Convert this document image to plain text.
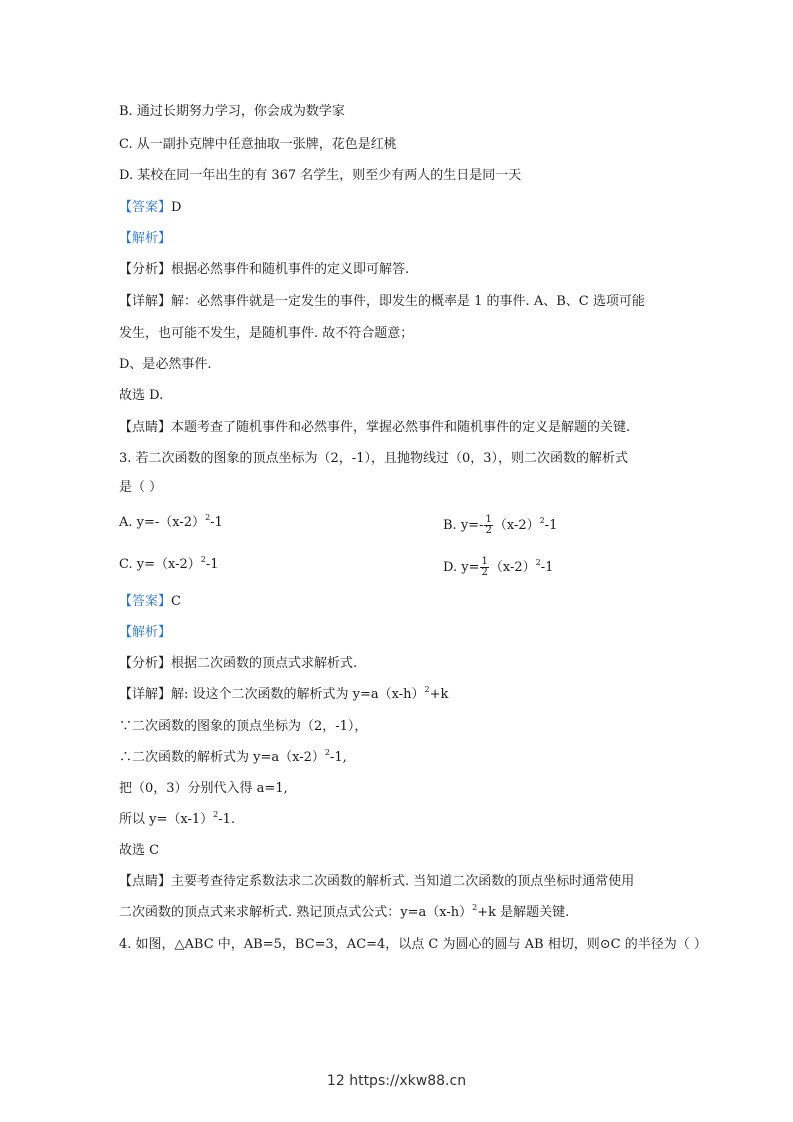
B. 通过长期努力学习，你会成为数学家
C. 从一副扑克牌中任意抽取一张牌，花色是红桃
D. 某校在同一年出生的有 367 名学生，则至少有两人的生日是同一天
【答案】D
【解析】
【分析】根据必然事件和随机事件的定义即可解答.
【详解】解：必然事件就是一定发生的事件，即发生的概率是 1 的事件. A、B、C 选项可能
发生，也可能不发生，是随机事件. 故不符合题意；
D、是必然事件.
故选 D.
【点睛】本题考查了随机事件和必然事件，掌握必然事件和随机事件的定义是解题的关键.
3. 若二次函数的图象的顶点坐标为（2，-1），且抛物线过（0，3），则二次函数的解析式
是（ ）
A. $y=-(x-2)^2-1$	B. $y=- \frac{1}{2} (x-2)^2-1$
C. $y=(x-2)^2-1$	D. $y= \frac{1}{2} (x-2)^2-1$
【答案】C
【解析】
【分析】根据二次函数的顶点式求解析式.
【详解】解: 设这个二次函数的解析式为 $y=a(x-h)^2+k$
∵二次函数的图象的顶点坐标为（2，-1），
∴二次函数的解析式为 $y=a(x-2)^2-1$,
把（0，3）分别代入得 a=1,
所以 $y=(x-1)^2-1$.
故选 C
【点睛】主要考查待定系数法求二次函数的解析式. 当知道二次函数的顶点坐标时通常使用
二次函数的顶点式来求解析式. 熟记顶点式公式：$y=a(x-h)^2+k$ 是解题关键.
4. 如图，△ABC 中，AB=5，BC=3，AC=4，以点 C 为圆心的圆与 AB 相切，则⊙C 的半径为（ ）
12 https://xkw88.cn
